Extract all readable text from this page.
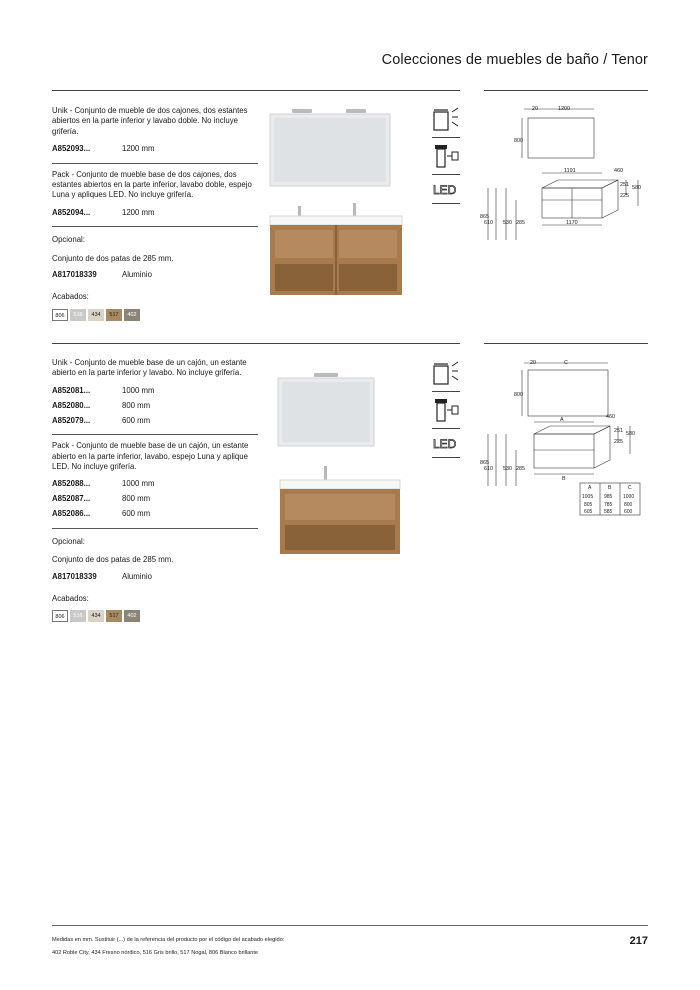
Colecciones de muebles de baño / Tenor

Unik - Conjunto de mueble de dos cajones, dos estantes abiertos en la parte inferior y lavabo doble. No incluye grifería.

A852093...	1200 mm

Pack - Conjunto de mueble base de dos cajones, dos estantes abiertos en la parte inferior, lavabo doble, espejo Luna y apliques LED. No incluye grifería.

A852094...	1200 mm
Opcional:
Conjunto de dos patas de 285 mm.
A817018339	Aluminio
Acabados:
806	516	434	517	402
LED
20	1200
800
1191	460
251 580
225
865
610 530 285	1170

Unik - Conjunto de mueble base de un cajón, un estante abierto en la parte inferior y lavabo. No incluye grifería.

A852081...	1000 mm
A852080...	800 mm
A852079...	600 mm

Pack - Conjunto de mueble base de un cajón, un estante abierto en la parte inferior, lavabo, espejo Luna y aplique LED. No incluye grifería.

A852088...	1000 mm
A852087...	800 mm
A852086...	600 mm
Opcional:
Conjunto de dos patas de 285 mm.
A817018339	Aluminio
Acabados:
806	516	434	517	402
LED
20	C
800
A	460
251 580
225
865
610 530 285
B
A	B	C
1005 985 1000
805 785 800
605 585 600
Medidas en mm. Sustituir (...) de la referencia del producto por el código del acabado elegido:
402 Roble City, 434 Fresno nórdico, 516 Gris brillo, 517 Nogal, 806 Blanco brillante
217
